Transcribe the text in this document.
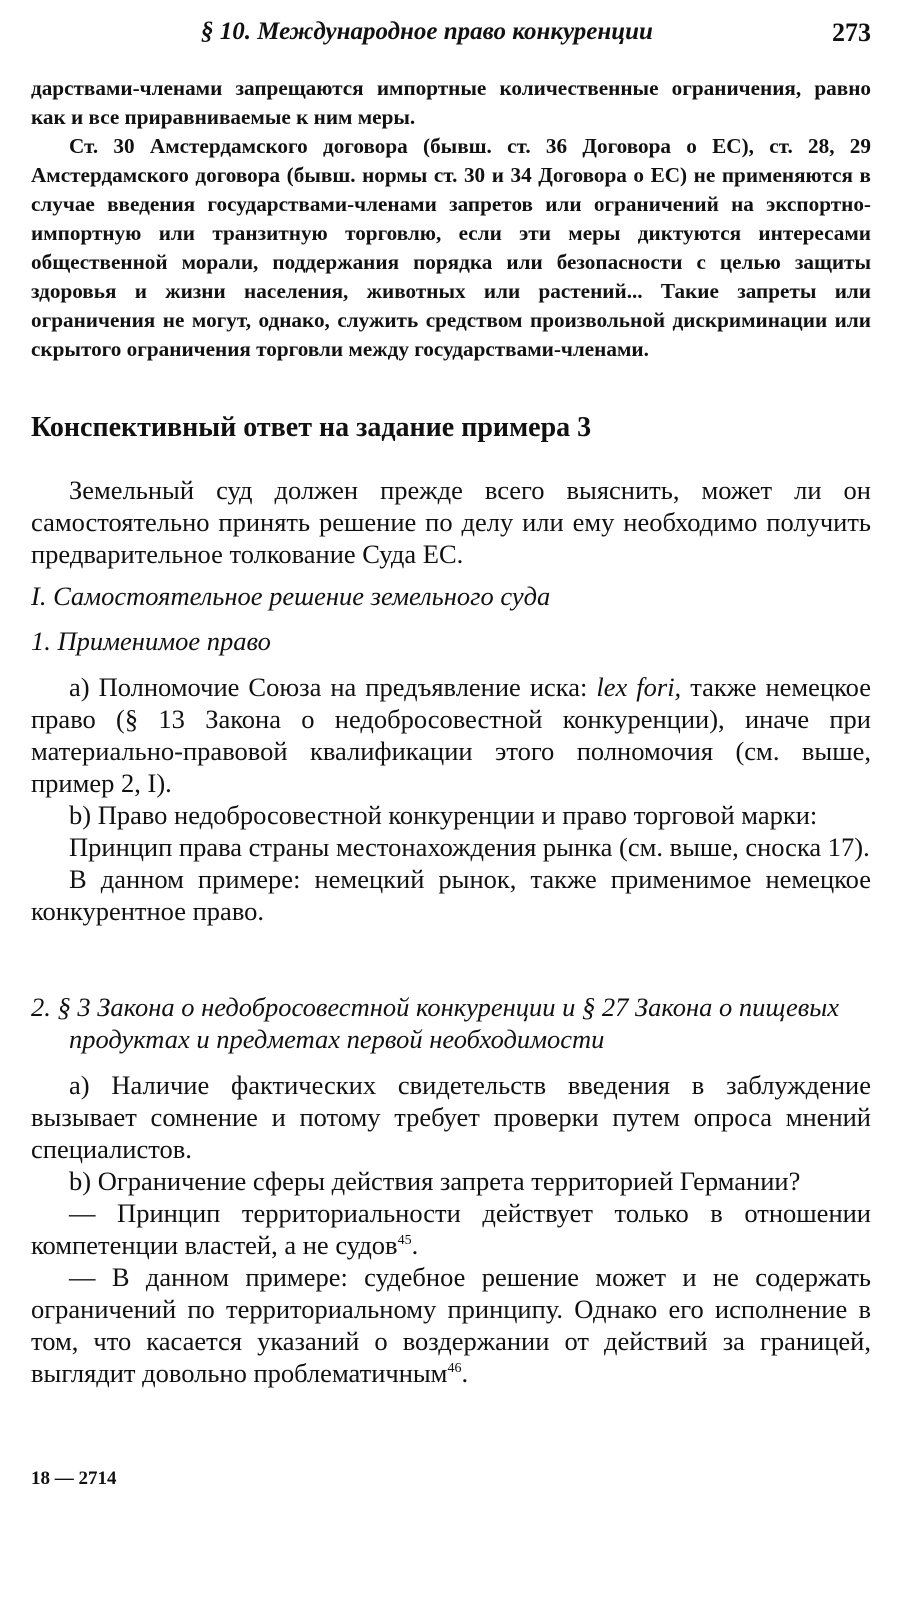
§ 10. Международное право конкуренции	273

дарствами-членами запрещаются импортные количественные ограничения, равно как и все приравниваемые к ним меры.

Ст. 30 Амстердамского договора (бывш. ст. 36 Договора о ЕС), ст. 28, 29 Амстердамского договора (бывш. нормы ст. 30 и 34 Договора о ЕС) не применяются в случае введения государствами-членами запретов или ограничений на экспортно-импортную или транзитную торговлю, если эти меры диктуются интересами общественной морали, поддержания порядка или безопасности с целью защиты здоровья и жизни населения, животных или растений... Такие запреты или ограничения не могут, однако, служить средством произвольной дискриминации или скрытого ограничения торговли между государствами-членами.

Конспективный ответ на задание примера 3

Земельный суд должен прежде всего выяснить, может ли он самостоятельно принять решение по делу или ему необходимо получить предварительное толкование Суда ЕС.

I. Самостоятельное решение земельного суда

1. Применимое право

а) Полномочие Союза на предъявление иска: lex fori, также немецкое право (§ 13 Закона о недобросовестной конкуренции), иначе при материально-правовой квалификации этого полномочия (см. выше, пример 2, I).

b) Право недобросовестной конкуренции и право торговой марки:

Принцип права страны местонахождения рынка (см. выше, сноска 17).

В данном примере: немецкий рынок, также применимое немецкое конкурентное право.

2. § 3 Закона о недобросовестной конкуренции и § 27 Закона о пищевых продуктах и предметах первой необходимости

а) Наличие фактических свидетельств введения в заблуждение вызывает сомнение и потому требует проверки путем опроса мнений специалистов.

b) Ограничение сферы действия запрета территорией Германии?

— Принцип территориальности действует только в отношении компетенции властей, а не судов$^{45}$.

— В данном примере: судебное решение может и не содержать ограничений по территориальному принципу. Однако его исполнение в том, что касается указаний о воздержании от действий за границей, выглядит довольно проблематичным$^{46}$.

18 — 2714
